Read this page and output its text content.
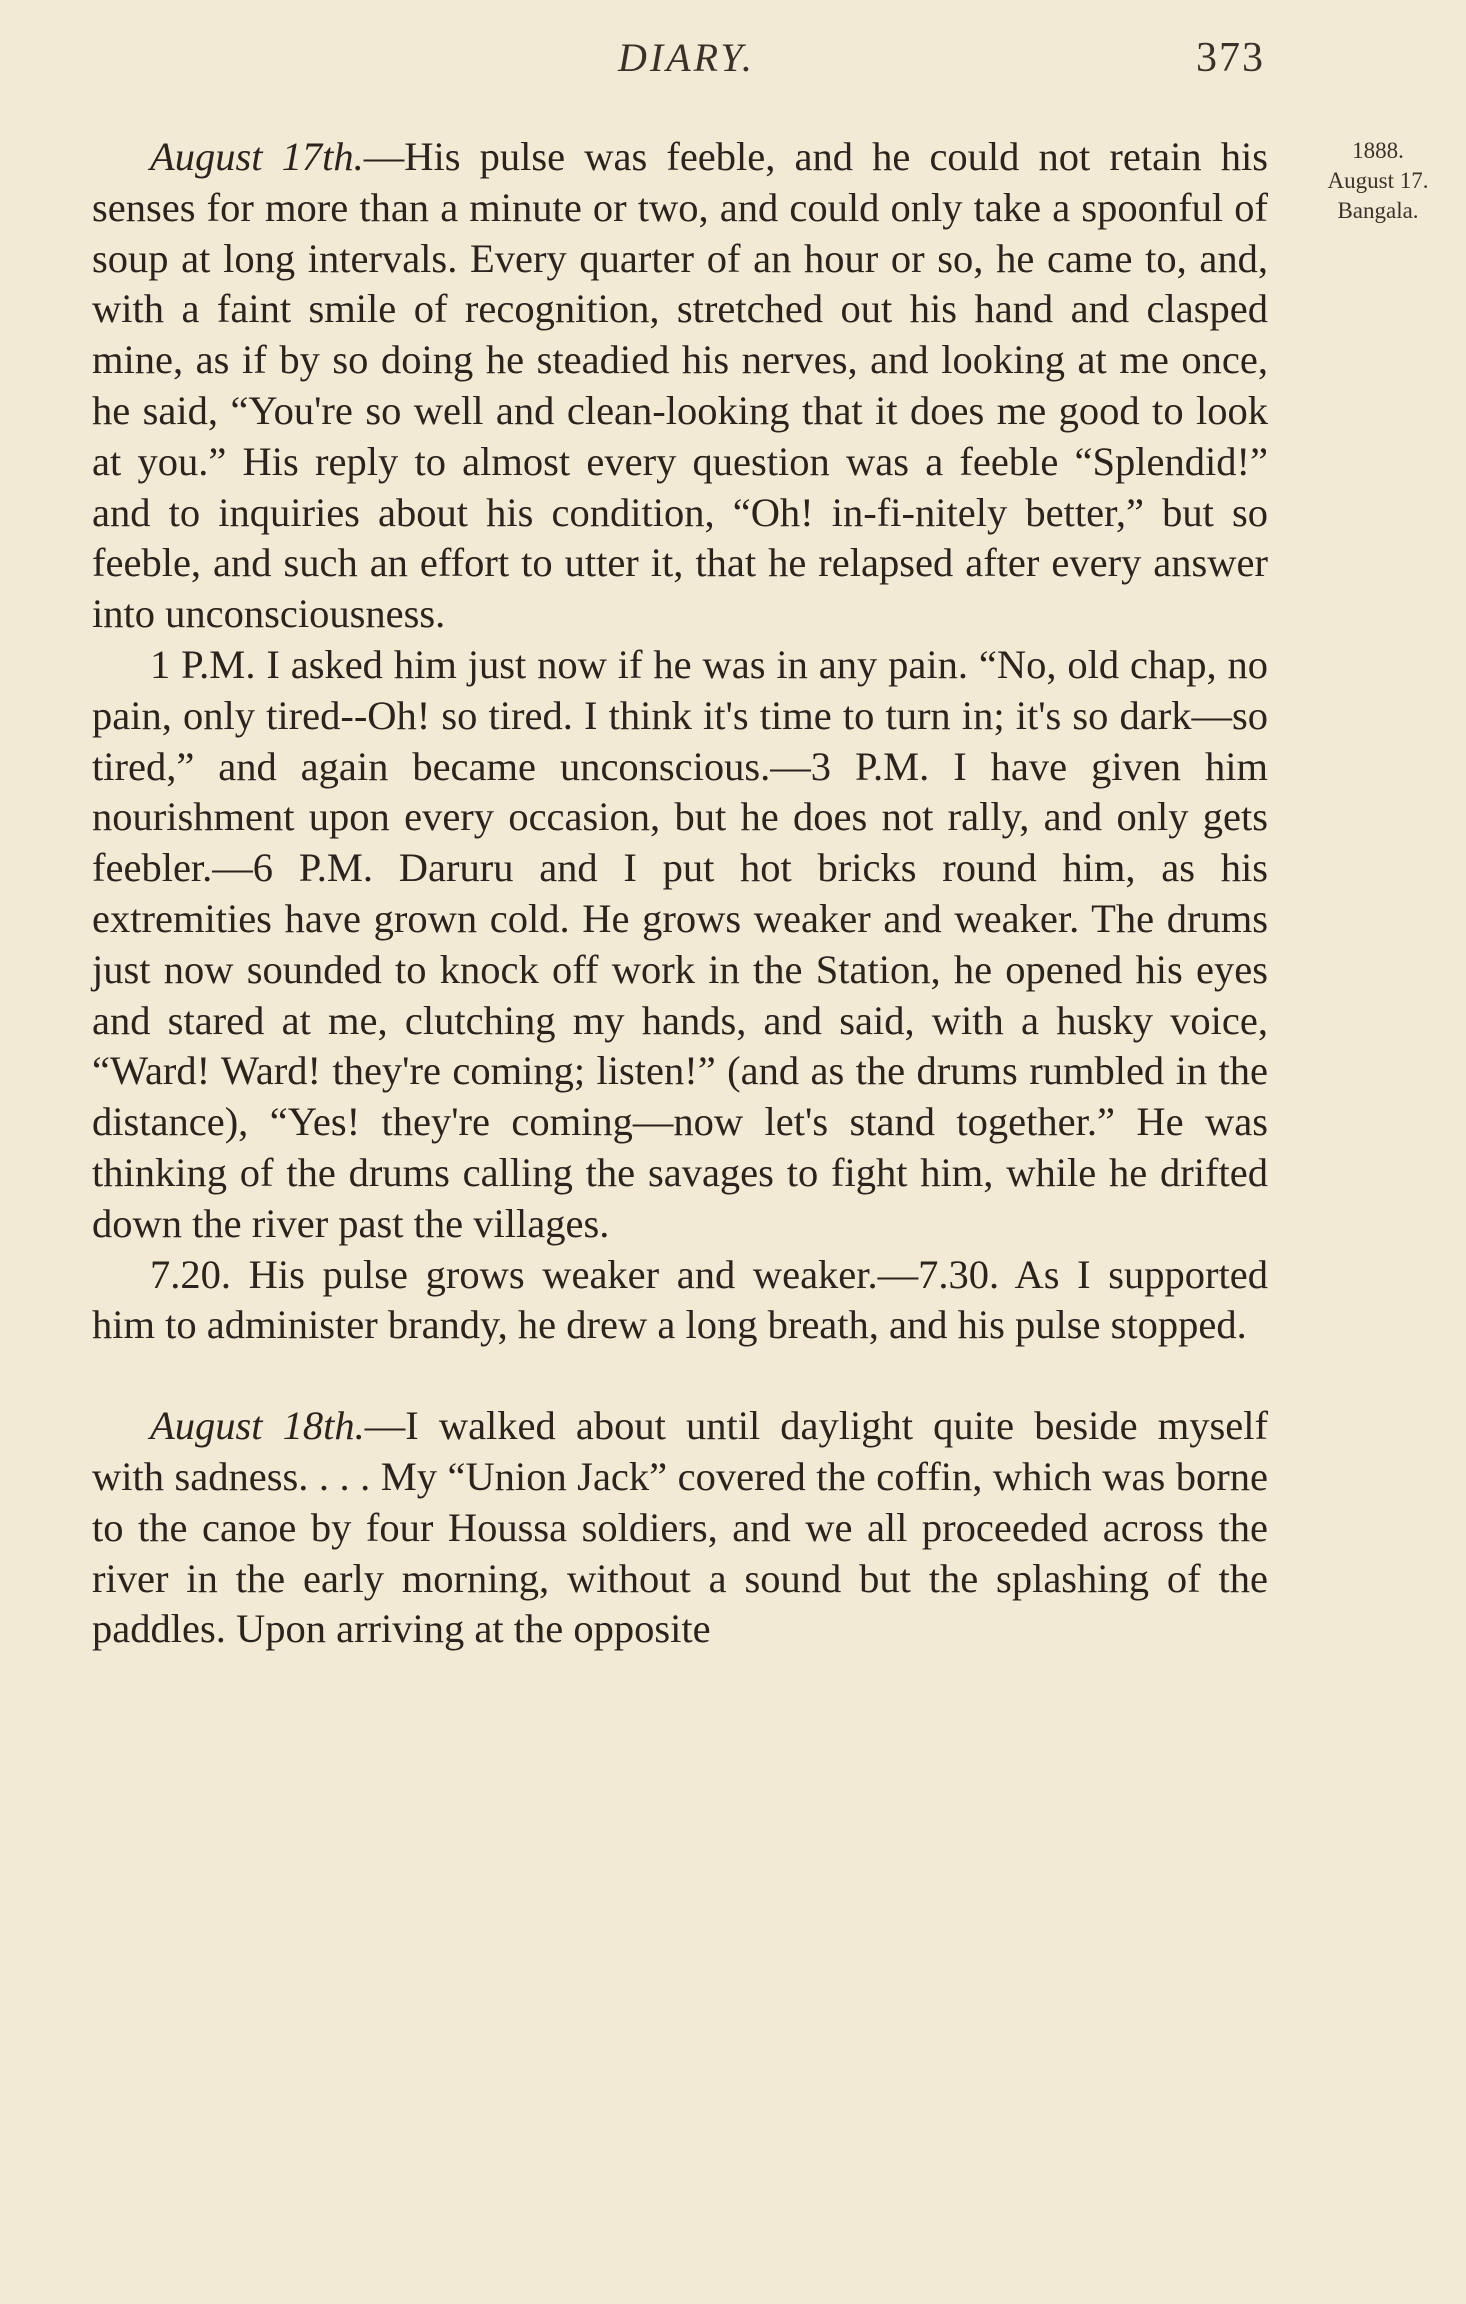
DIARY.	373
1888.
August 17.
Bangala.

August 17th.—His pulse was feeble, and he could not retain his senses for more than a minute or two, and could only take a spoonful of soup at long intervals. Every quarter of an hour or so, he came to, and, with a faint smile of recognition, stretched out his hand and clasped mine, as if by so doing he steadied his nerves, and looking at me once, he said, “You're so well and clean-looking that it does me good to look at you.” His reply to almost every question was a feeble “Splendid!” and to inquiries about his condition, “Oh! in-fi-nitely better,” but so feeble, and such an effort to utter it, that he relapsed after every answer into unconsciousness.

1 P.M. I asked him just now if he was in any pain. “No, old chap, no pain, only tired--Oh! so tired. I think it's time to turn in; it's so dark—so tired,” and again became unconscious.—3 P.M. I have given him nourishment upon every occasion, but he does not rally, and only gets feebler.—6 P.M. Daruru and I put hot bricks round him, as his extremities have grown cold. He grows weaker and weaker. The drums just now sounded to knock off work in the Station, he opened his eyes and stared at me, clutching my hands, and said, with a husky voice, “Ward! Ward! they're coming; listen!” (and as the drums rumbled in the distance), “Yes! they're coming—now let's stand together.” He was thinking of the drums calling the savages to fight him, while he drifted down the river past the villages.

7.20. His pulse grows weaker and weaker.—7.30. As I supported him to administer brandy, he drew a long breath, and his pulse stopped.

August 18th.—I walked about until daylight quite beside myself with sadness. . . . My “Union Jack” covered the coffin, which was borne to the canoe by four Houssa soldiers, and we all proceeded across the river in the early morning, without a sound but the splashing of the paddles. Upon arriving at the opposite
